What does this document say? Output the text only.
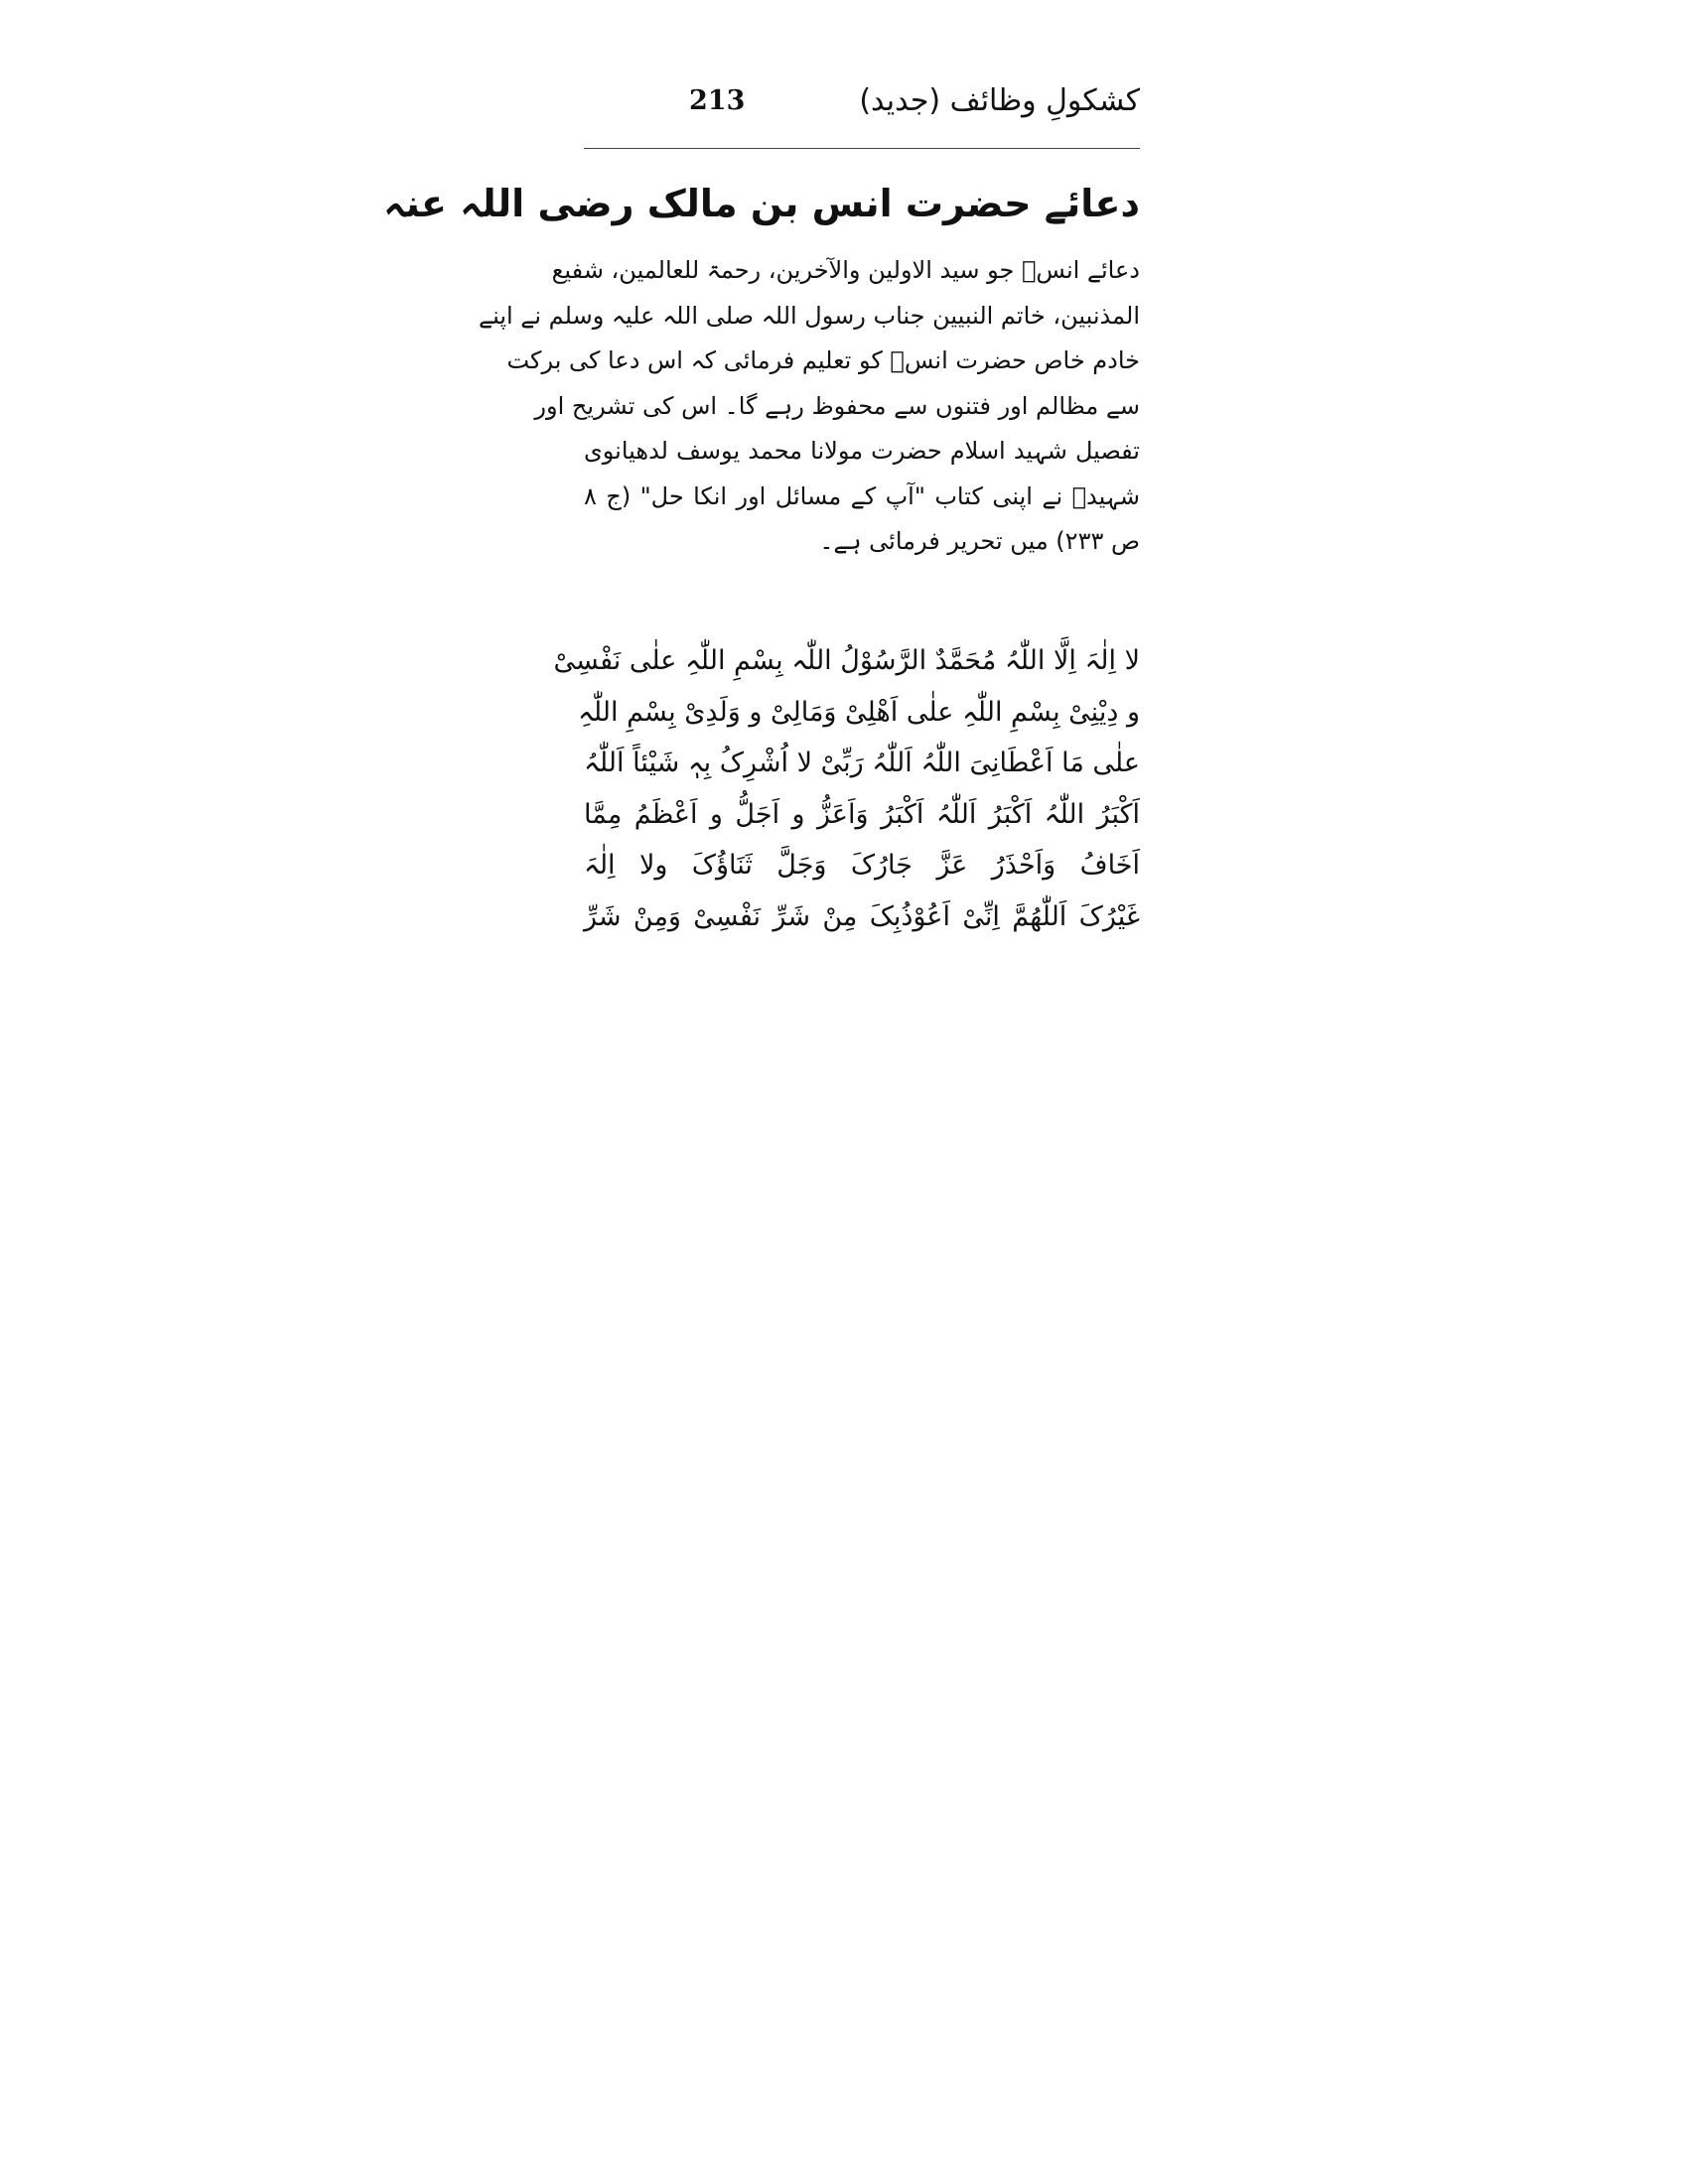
213	کشکولِ وظائف (جدید)
دعائے حضرت انس بن مالک رضی اللہ عنہ
دعائے انسؓ جو سید الاولین والآخرین، رحمۃ للعالمین، شفیع
المذنبین، خاتم النبیین جناب رسول اللہ صلی اللہ علیہ وسلم نے اپنے
خادم خاص حضرت انسؓ کو تعلیم فرمائی کہ اس دعا کی برکت
سے مظالم اور فتنوں سے محفوظ رہے گا۔ اس کی تشریح اور
تفصیل شہید اسلام حضرت مولانا محمد یوسف لدھیانوی
شہیدؒ نے اپنی کتاب "آپ کے مسائل اور انکا حل" (ج ۸
ص ۲۳۳) میں تحریر فرمائی ہے۔
لا اِلٰہَ اِلَّا اللّٰہُ مُحَمَّدٌ الرَّسُوْلُ اللّٰہ بِسْمِ اللّٰہِ علٰی نَفْسِیْ
و دِیْنِیْ بِسْمِ اللّٰہِ علٰی اَھْلِیْ وَمَالِیْ و وَلَدِیْ بِسْمِ اللّٰہِ
علٰی مَا اَعْطَانِیَ اللّٰہُ اَللّٰہُ رَبِّیْ لا اُشْرِکُ بِہٖ شَیْئاً اَللّٰہُ
اَکْبَرُ اللّٰہُ اَکْبَرُ اَللّٰہُ اَکْبَرُ وَاَعَزُّ و اَجَلُّ و اَعْظَمُ مِمَّا
اَخَافُ وَاَحْذَرُ عَزَّ جَارُکَ وَجَلَّ ثَنَاؤُکَ ولا اِلٰہَ
غَیْرُکَ اَللّٰھُمَّ اِنِّیْ اَعُوْذُبِکَ مِنْ شَرِّ نَفْسِیْ وَمِنْ شَرِّ
